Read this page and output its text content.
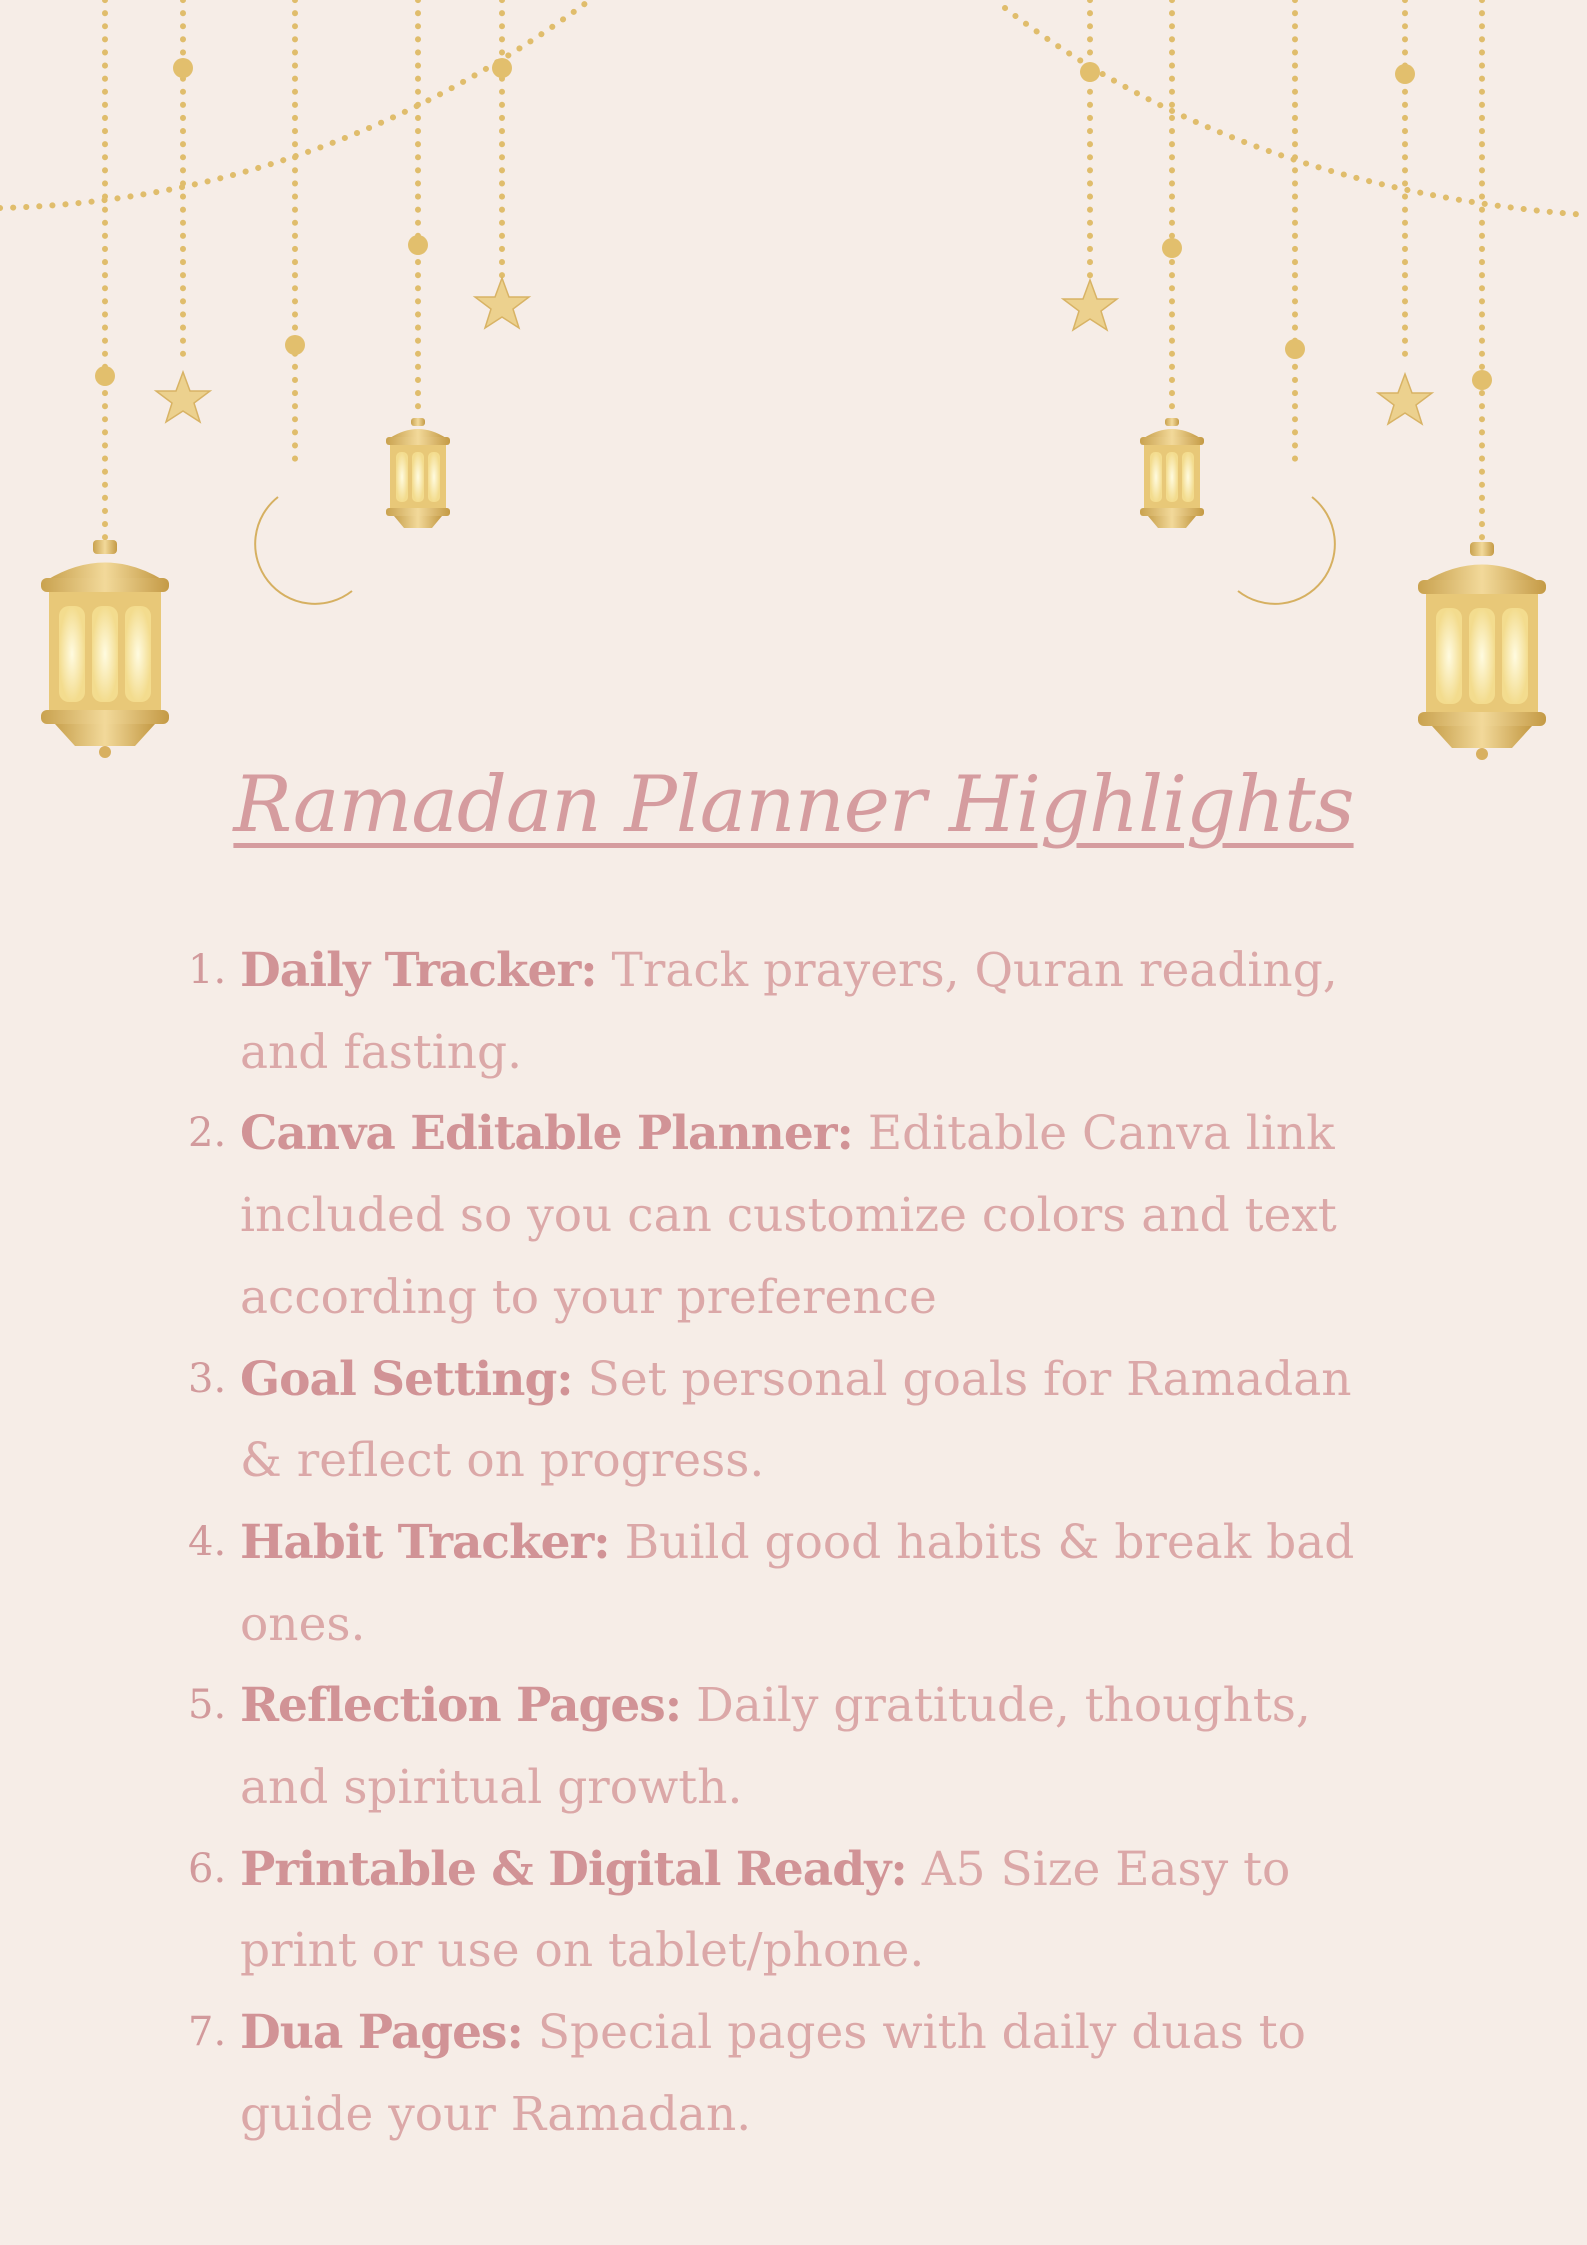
Ramadan Planner Highlights
1. Daily Tracker: Track prayers, Quran reading, and fasting.
2. Canva Editable Planner: Editable Canva link included so you can customize colors and text according to your preference
3. Goal Setting: Set personal goals for Ramadan & reflect on progress.
4. Habit Tracker: Build good habits & break bad ones.
5. Reflection Pages: Daily gratitude, thoughts, and spiritual growth.
6. Printable & Digital Ready: A5 Size Easy to print or use on tablet/phone.
7. Dua Pages: Special pages with daily duas to guide your Ramadan.
